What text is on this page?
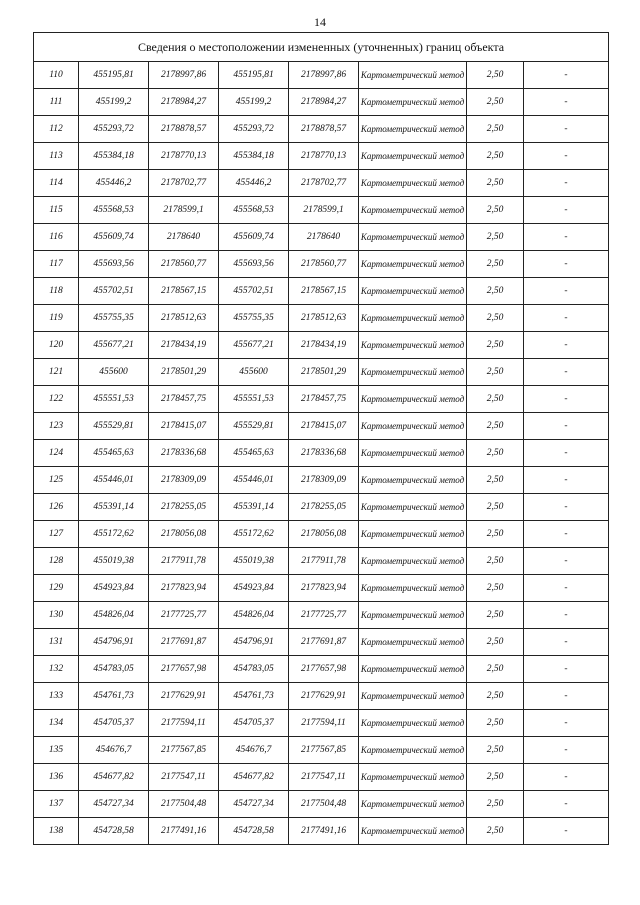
14
Сведения о местоположении измененных (уточненных) границ объекта							
110	455195,81	2178997,86	455195,81	2178997,86	Картометрический метод	2,50	-
111	455199,2	2178984,27	455199,2	2178984,27	Картометрический метод	2,50	-
112	455293,72	2178878,57	455293,72	2178878,57	Картометрический метод	2,50	-
113	455384,18	2178770,13	455384,18	2178770,13	Картометрический метод	2,50	-
114	455446,2	2178702,77	455446,2	2178702,77	Картометрический метод	2,50	-
115	455568,53	2178599,1	455568,53	2178599,1	Картометрический метод	2,50	-
116	455609,74	2178640	455609,74	2178640	Картометрический метод	2,50	-
117	455693,56	2178560,77	455693,56	2178560,77	Картометрический метод	2,50	-
118	455702,51	2178567,15	455702,51	2178567,15	Картометрический метод	2,50	-
119	455755,35	2178512,63	455755,35	2178512,63	Картометрический метод	2,50	-
120	455677,21	2178434,19	455677,21	2178434,19	Картометрический метод	2,50	-
121	455600	2178501,29	455600	2178501,29	Картометрический метод	2,50	-
122	455551,53	2178457,75	455551,53	2178457,75	Картометрический метод	2,50	-
123	455529,81	2178415,07	455529,81	2178415,07	Картометрический метод	2,50	-
124	455465,63	2178336,68	455465,63	2178336,68	Картометрический метод	2,50	-
125	455446,01	2178309,09	455446,01	2178309,09	Картометрический метод	2,50	-
126	455391,14	2178255,05	455391,14	2178255,05	Картометрический метод	2,50	-
127	455172,62	2178056,08	455172,62	2178056,08	Картометрический метод	2,50	-
128	455019,38	2177911,78	455019,38	2177911,78	Картометрический метод	2,50	-
129	454923,84	2177823,94	454923,84	2177823,94	Картометрический метод	2,50	-
130	454826,04	2177725,77	454826,04	2177725,77	Картометрический метод	2,50	-
131	454796,91	2177691,87	454796,91	2177691,87	Картометрический метод	2,50	-
132	454783,05	2177657,98	454783,05	2177657,98	Картометрический метод	2,50	-
133	454761,73	2177629,91	454761,73	2177629,91	Картометрический метод	2,50	-
134	454705,37	2177594,11	454705,37	2177594,11	Картометрический метод	2,50	-
135	454676,7	2177567,85	454676,7	2177567,85	Картометрический метод	2,50	-
136	454677,82	2177547,11	454677,82	2177547,11	Картометрический метод	2,50	-
137	454727,34	2177504,48	454727,34	2177504,48	Картометрический метод	2,50	-
138	454728,58	2177491,16	454728,58	2177491,16	Картометрический метод	2,50	-
